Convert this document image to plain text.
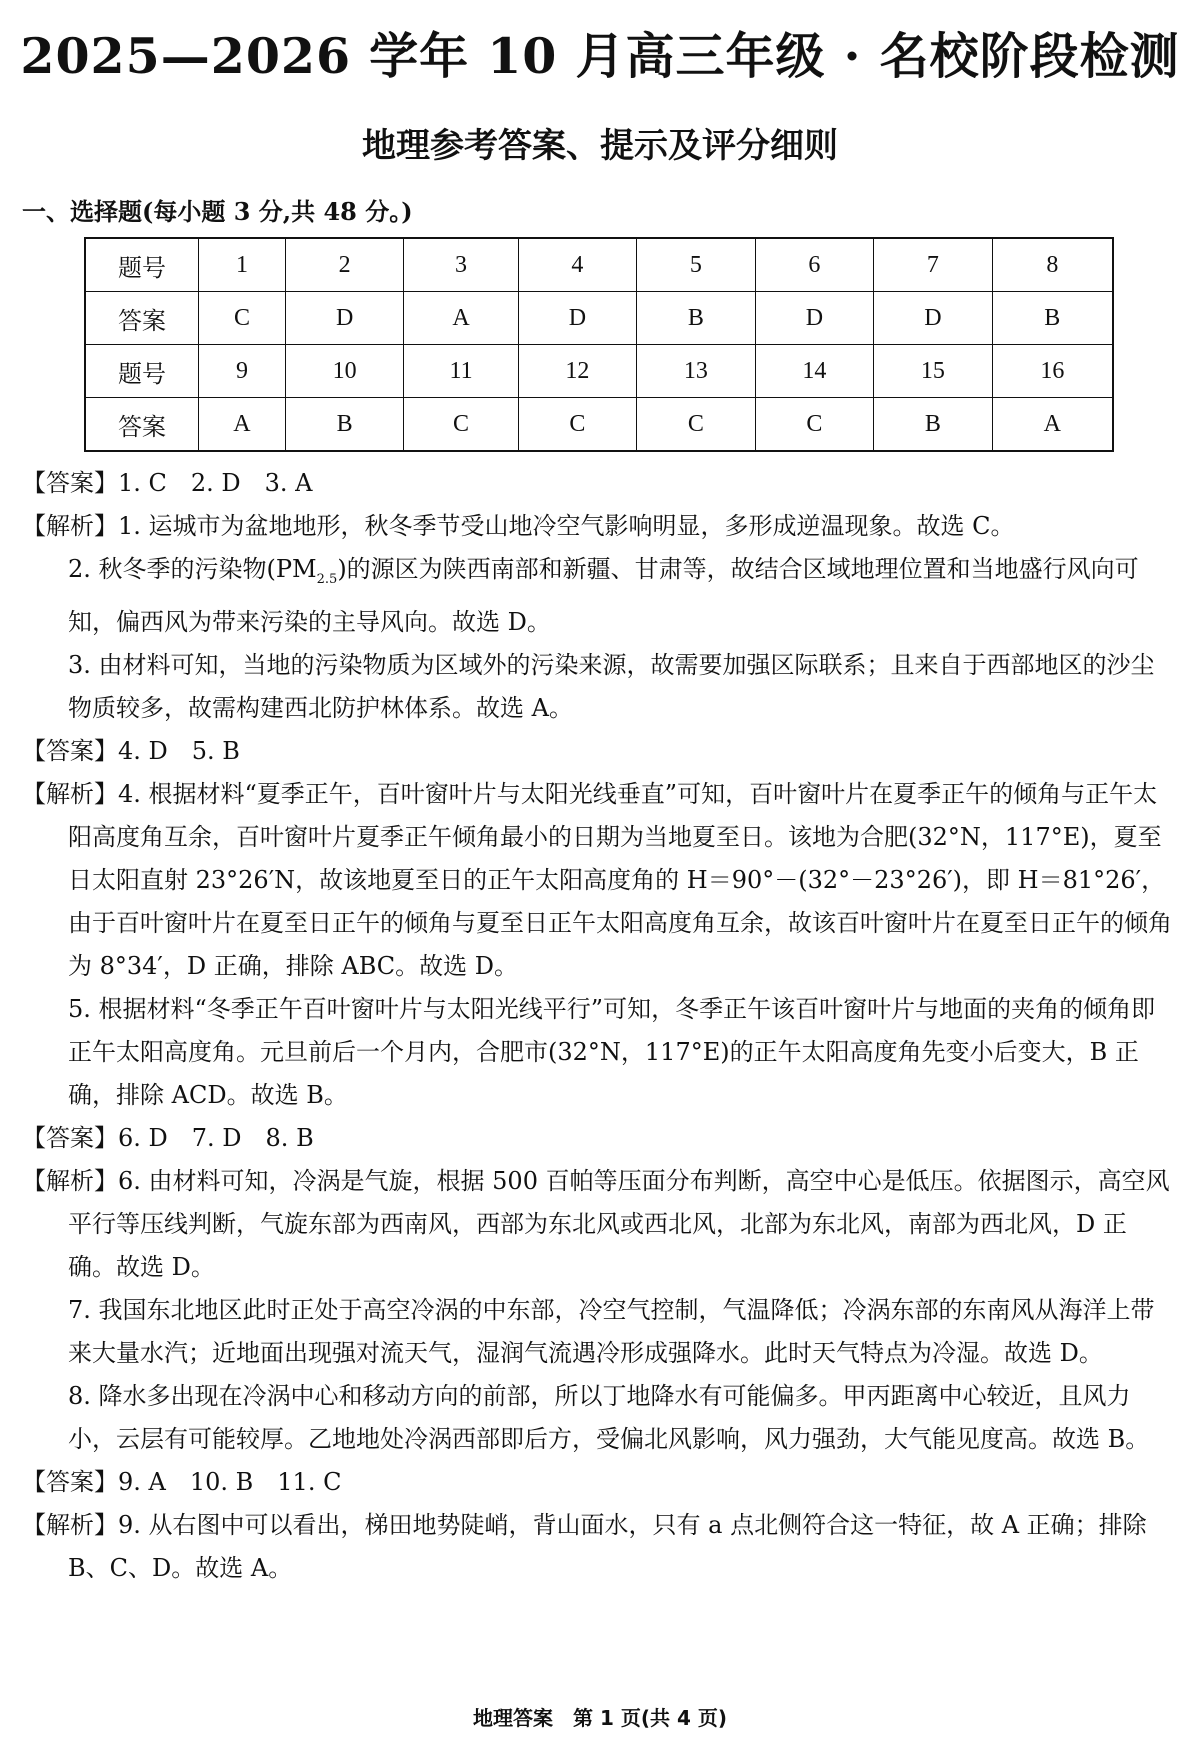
2025—2026 学年 10 月高三年级 · 名校阶段检测
地理参考答案、提示及评分细则
一、选择题(每小题 3 分,共 48 分。)
题号	1	2	3	4	5	6	7	8
答案	C	D	A	D	B	D	D	B
题号	9	10	11	12	13	14	15	16
答案	A	B	C	C	C	C	B	A

【答案】1. C　2. D　3. A

【解析】1. 运城市为盆地地形，秋冬季节受山地冷空气影响明显，多形成逆温现象。故选 C。

2. 秋冬季的污染物$(PM_{2.5})$的源区为陕西南部和新疆、甘肃等，故结合区域地理位置和当地盛行风向可知，偏西风为带来污染的主导风向。故选 D。

3. 由材料可知，当地的污染物质为区域外的污染来源，故需要加强区际联系；且来自于西部地区的沙尘物质较多，故需构建西北防护林体系。故选 A。

【答案】4. D　5. B

【解析】4. 根据材料“夏季正午，百叶窗叶片与太阳光线垂直”可知，百叶窗叶片在夏季正午的倾角与正午太阳高度角互余，百叶窗叶片夏季正午倾角最小的日期为当地夏至日。该地为合肥(32°N，117°E)，夏至日太阳直射 23°26′N，故该地夏至日的正午太阳高度角的 H＝90°－(32°－23°26′)，即 H＝81°26′，由于百叶窗叶片在夏至日正午的倾角与夏至日正午太阳高度角互余，故该百叶窗叶片在夏至日正午的倾角为 8°34′，D 正确，排除 ABC。故选 D。

5. 根据材料“冬季正午百叶窗叶片与太阳光线平行”可知，冬季正午该百叶窗叶片与地面的夹角的倾角即正午太阳高度角。元旦前后一个月内，合肥市(32°N，117°E)的正午太阳高度角先变小后变大，B 正确，排除 ACD。故选 B。

【答案】6. D　7. D　8. B

【解析】6. 由材料可知，冷涡是气旋，根据 500 百帕等压面分布判断，高空中心是低压。依据图示，高空风平行等压线判断，气旋东部为西南风，西部为东北风或西北风，北部为东北风，南部为西北风，D 正确。故选 D。

7. 我国东北地区此时正处于高空冷涡的中东部，冷空气控制，气温降低；冷涡东部的东南风从海洋上带来大量水汽；近地面出现强对流天气，湿润气流遇冷形成强降水。此时天气特点为冷湿。故选 D。

8. 降水多出现在冷涡中心和移动方向的前部，所以丁地降水有可能偏多。甲丙距离中心较近，且风力小，云层有可能较厚。乙地地处冷涡西部即后方，受偏北风影响，风力强劲，大气能见度高。故选 B。

【答案】9. A　10. B　11. C

【解析】9. 从右图中可以看出，梯田地势陡峭，背山面水，只有 a 点北侧符合这一特征，故 A 正确；排除 B、C、D。故选 A。

地理答案　第 1 页(共 4 页)
